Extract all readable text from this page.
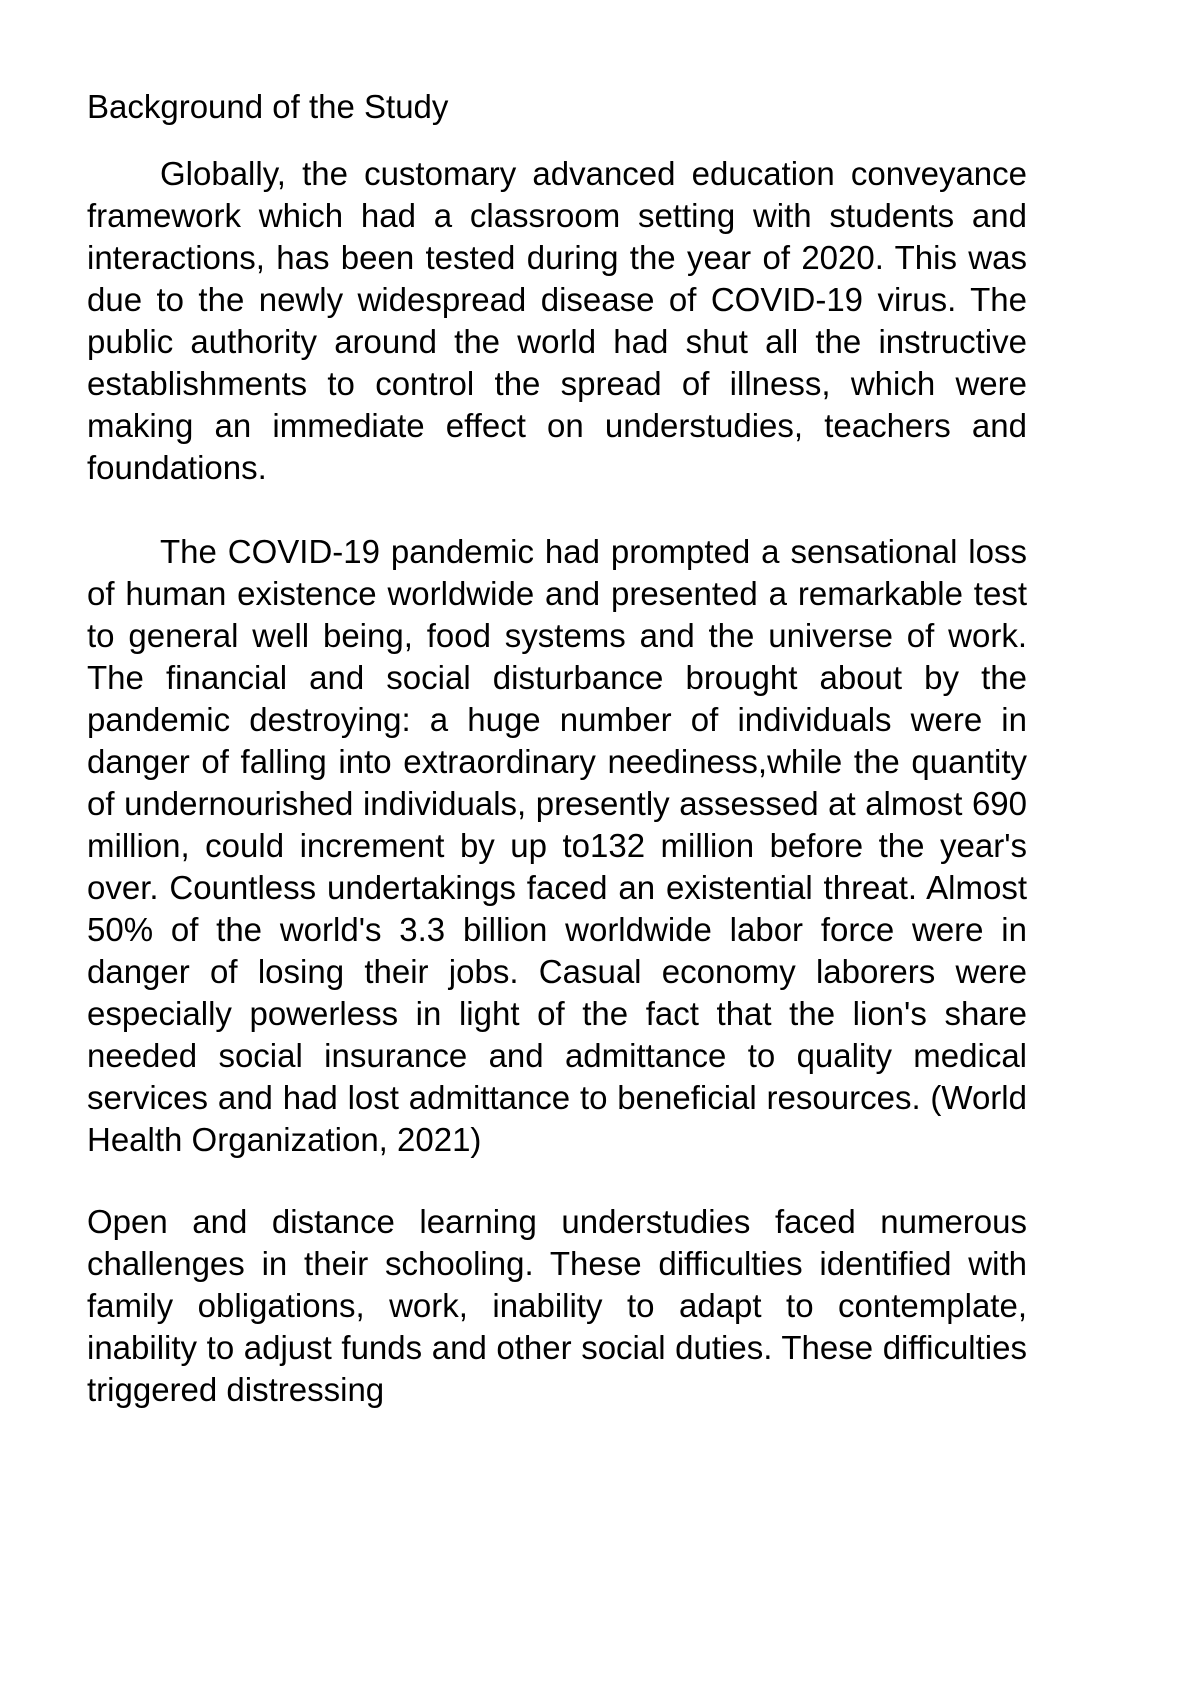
Background of the Study

Globally, the customary advanced education conveyance framework which had a classroom setting with students and interactions, has been tested during the year of 2020. This was due to the newly widespread disease of COVID-19 virus. The public authority around the world had shut all the instructive establishments to control the spread of illness, which were making an immediate effect on understudies, teachers and foundations.

The COVID-19 pandemic had prompted a sensational loss of human existence worldwide and presented a remarkable test to general well being, food systems and the universe of work. The financial and social disturbance brought about by the pandemic destroying: a huge number of individuals were in danger of falling into extraordinary neediness,while the quantity of undernourished individuals, presently assessed at almost 690 million, could increment by up to132 million before the year's over. Countless undertakings faced an existential threat. Almost 50% of the world's 3.3 billion worldwide labor force were in danger of losing their jobs. Casual economy laborers were especially powerless in light of the fact that the lion's share needed social insurance and admittance to quality medical services and had lost admittance to beneficial resources. (World Health Organization, 2021)

Open and distance learning understudies faced numerous challenges in their schooling. These difficulties identified with family obligations, work, inability to adapt to contemplate, inability to adjust funds and other social duties. These difficulties triggered distressing
